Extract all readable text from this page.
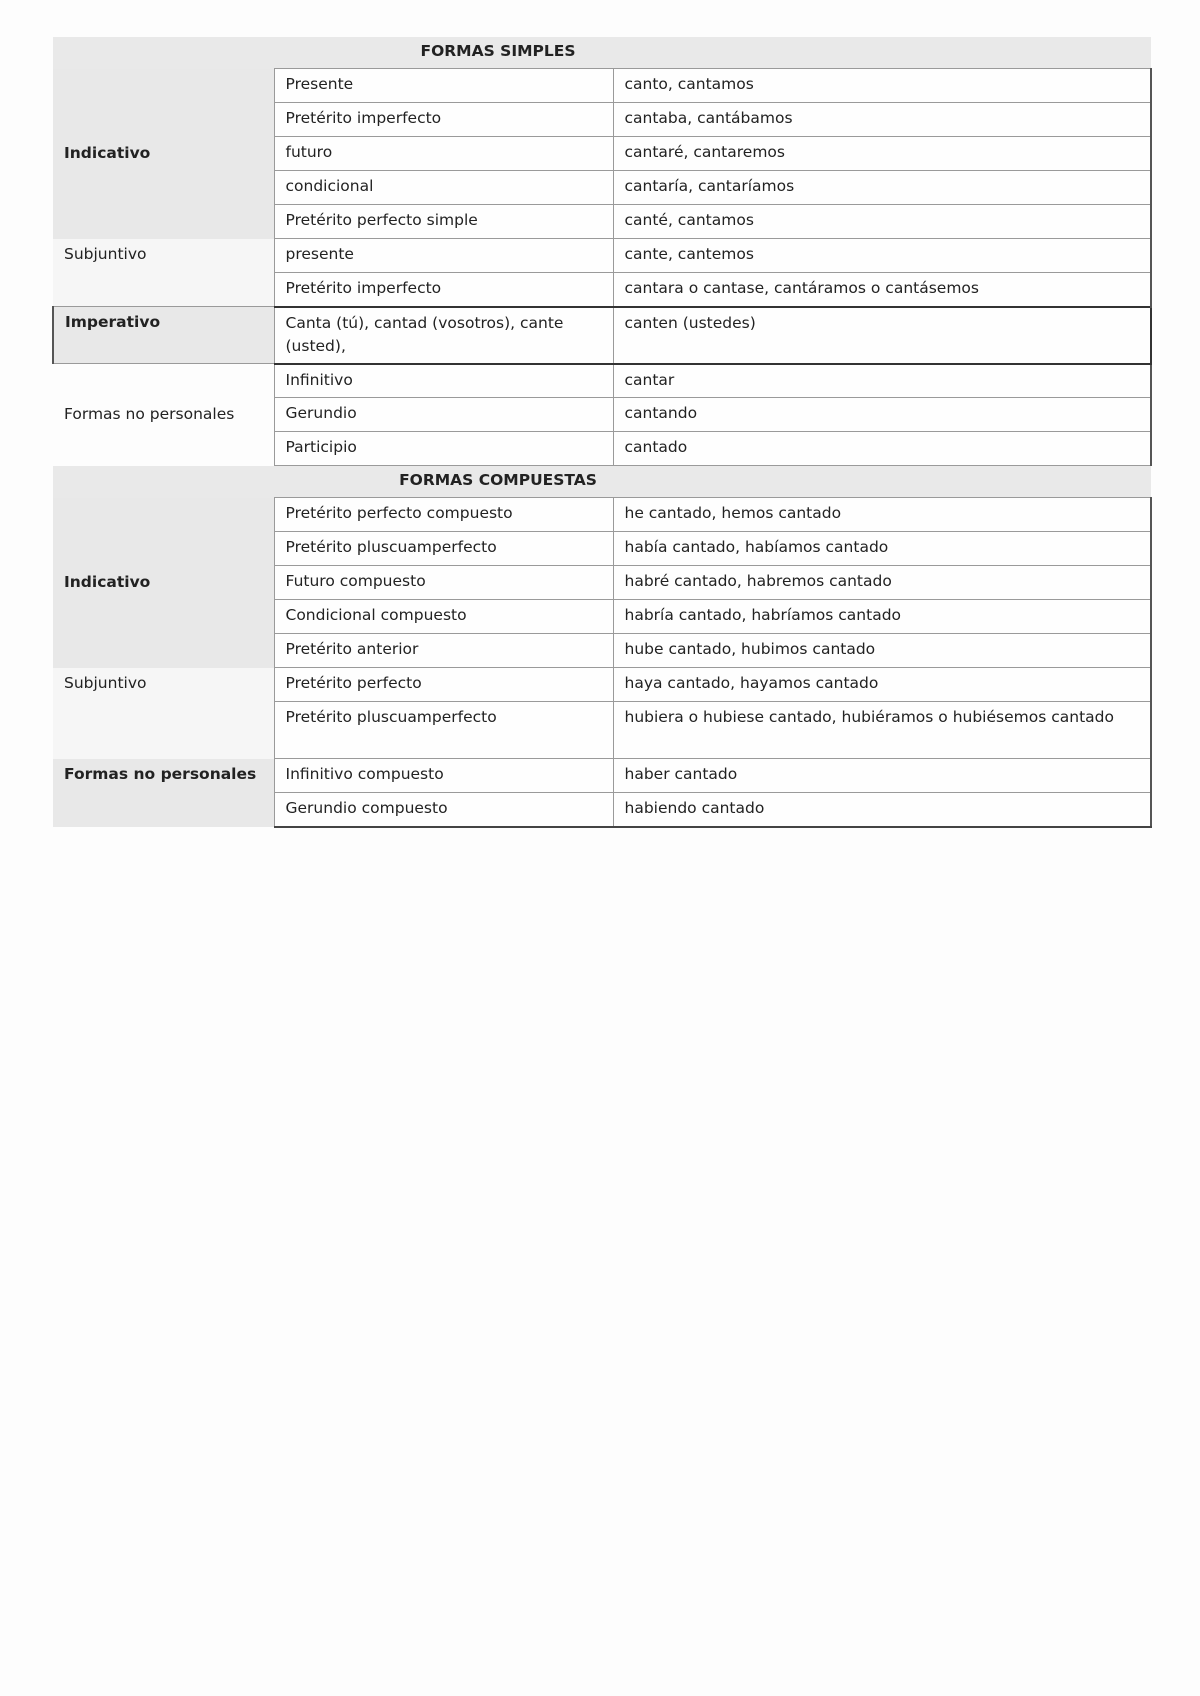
FORMAS SIMPLES		
Indicativo	Presente	canto, cantamos
	Pretérito imperfecto	cantaba, cantábamos
	futuro	cantaré, cantaremos
	condicional	cantaría, cantaríamos
	Pretérito perfecto simple	canté, cantamos
Subjuntivo	presente	cante, cantemos
	Pretérito imperfecto	cantara o cantase, cantáramos o cantásemos
Imperativo	Canta (tú), cantad (vosotros), cante (usted),	canten (ustedes)
Formas no personales	Infinitivo	cantar
	Gerundio	cantando
	Participio	cantado
FORMAS COMPUESTAS		
Indicativo	Pretérito perfecto compuesto	he cantado, hemos cantado
	Pretérito pluscuamperfecto	había cantado, habíamos cantado
	Futuro compuesto	habré cantado, habremos cantado
	Condicional compuesto	habría cantado, habríamos cantado
	Pretérito anterior	hube cantado, hubimos cantado
Subjuntivo	Pretérito perfecto	haya cantado, hayamos cantado
	Pretérito pluscuamperfecto	hubiera o hubiese cantado, hubiéramos o hubiésemos cantado
Formas no personales	Infinitivo compuesto	haber cantado
	Gerundio compuesto	habiendo cantado
